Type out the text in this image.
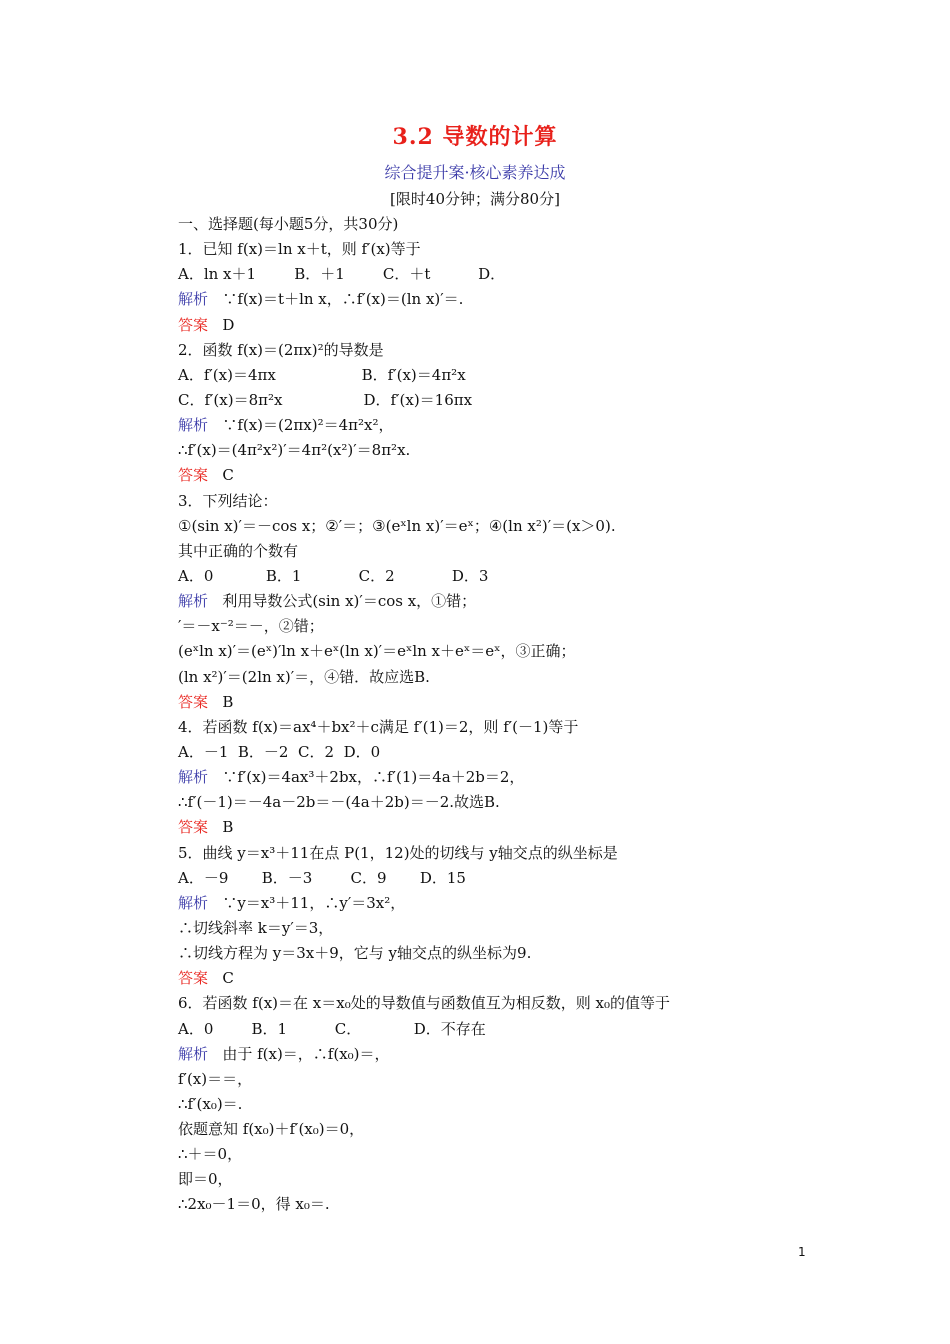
3.2 导数的计算
综合提升案·核心素养达成
[限时40分钟；满分80分]
一、选择题(每小题5分，共30分)
1．已知 f(x)＝ln x＋t，则 f′(x)等于
A．ln x＋1        B．＋1        C．＋t          D．
解析   ∵f(x)＝t＋ln x，∴f′(x)＝(ln x)′＝.
答案   D
2．函数 f(x)＝(2πx)²的导数是
A．f′(x)＝4πx                  B．f′(x)＝4π²x
C．f′(x)＝8π²x                 D．f′(x)＝16πx
解析   ∵f(x)＝(2πx)²＝4π²x²，
∴f′(x)＝(4π²x²)′＝4π²(x²)′＝8π²x.
答案   C
3．下列结论：
①(sin x)′＝－cos x；②′＝；③(eˣln x)′＝eˣ；④(ln x²)′＝(x＞0).
其中正确的个数有
A．0           B．1            C．2            D．3
解析   利用导数公式(sin x)′＝cos x，①错；
′＝－x⁻²＝－，②错；
(eˣln x)′＝(eˣ)′ln x＋eˣ(ln x)′＝eˣln x＋eˣ＝eˣ，③正确；
(ln x²)′＝(2ln x)′＝，④错．故应选B.
答案   B
4．若函数 f(x)＝ax⁴＋bx²＋c满足 f′(1)＝2，则 f′(－1)等于
A．－1  B．－2  C．2  D．0
解析   ∵f′(x)＝4ax³＋2bx，∴f′(1)＝4a＋2b＝2，
∴f′(－1)＝－4a－2b＝－(4a＋2b)＝－2.故选B.
答案   B
5．曲线 y＝x³＋11在点 P(1，12)处的切线与 y轴交点的纵坐标是
A．－9       B．－3        C．9       D．15
解析   ∵y＝x³＋11，∴y′＝3x²，
∴切线斜率 k＝y′＝3，
∴切线方程为 y＝3x＋9，它与 y轴交点的纵坐标为9.
答案   C
6．若函数 f(x)＝在 x＝x₀处的导数值与函数值互为相反数，则 x₀的值等于
A．0        B．1          C．           D．不存在
解析   由于 f(x)＝，∴f(x₀)＝，
f′(x)＝＝，
∴f′(x₀)＝.
依题意知 f(x₀)＋f′(x₀)＝0，
∴＋＝0，
即＝0，
∴2x₀－1＝0，得 x₀＝.
1
